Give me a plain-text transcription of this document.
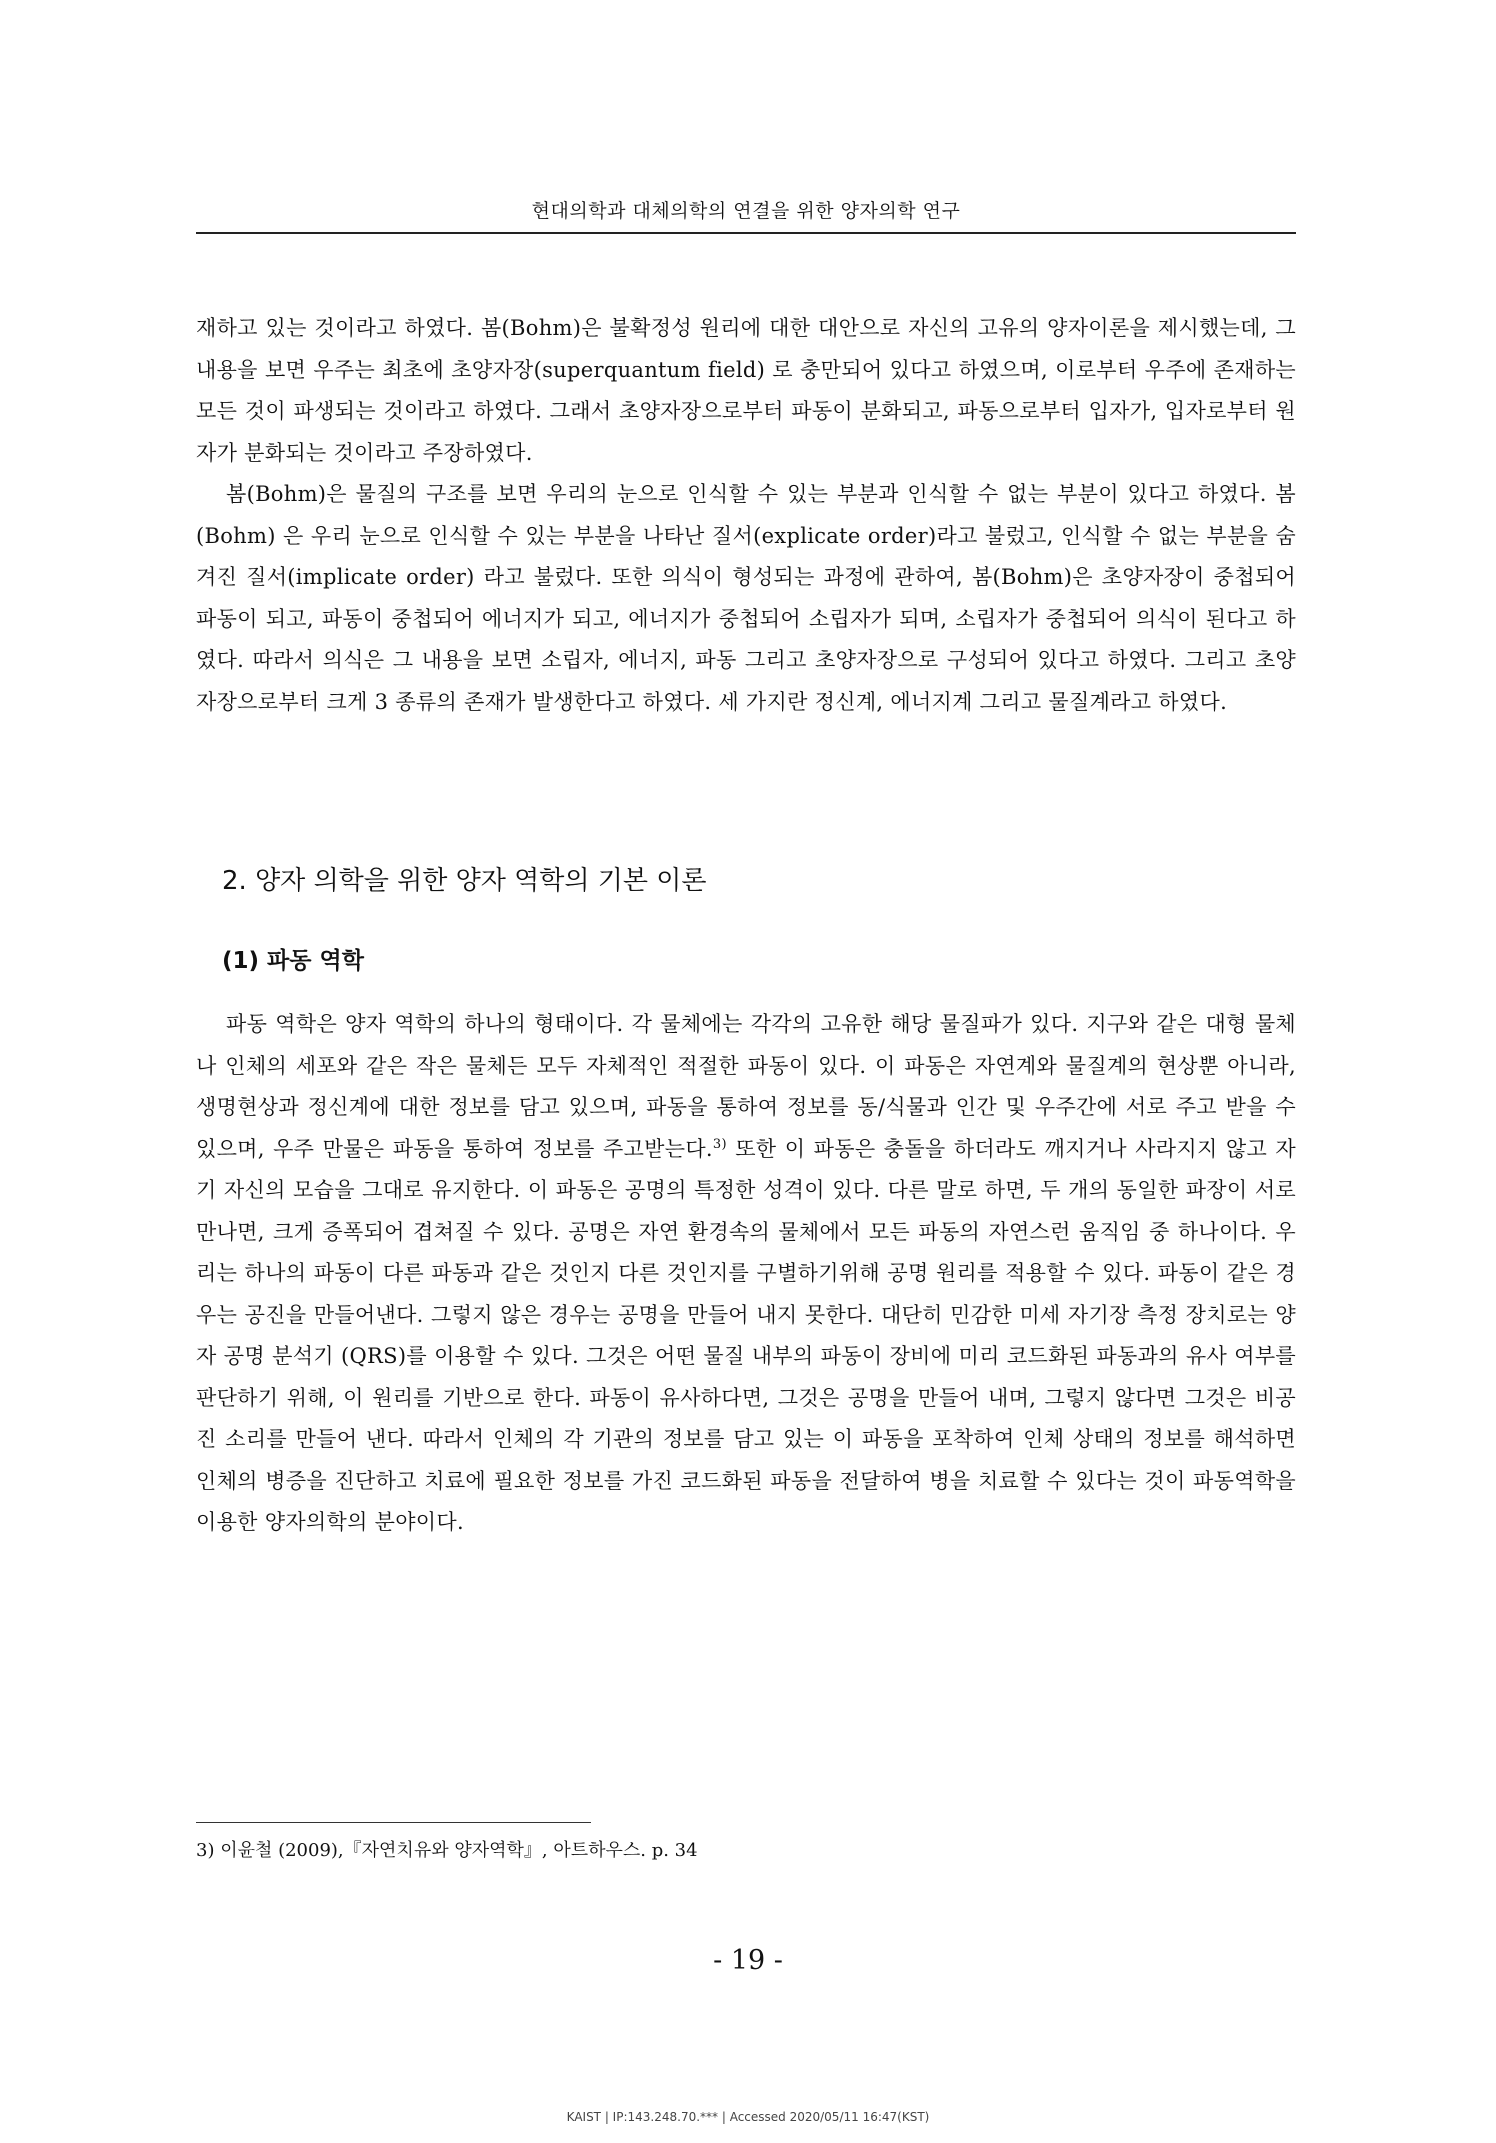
현대의학과 대체의학의 연결을 위한 양자의학 연구

재하고 있는 것이라고 하였다. 봄(Bohm)은 불확정성 원리에 대한 대안으로 자신의 고유의 양자이론을 제시했는데, 그 내용을 보면 우주는 최초에 초양자장(superquantum field) 로 충만되어 있다고 하였으며, 이로부터 우주에 존재하는 모든 것이 파생되는 것이라고 하였다. 그래서 초양자장으로부터 파동이 분화되고, 파동으로부터 입자가, 입자로부터 원자가 분화되는 것이라고 주장하였다.

봄(Bohm)은 물질의 구조를 보면 우리의 눈으로 인식할 수 있는 부분과 인식할 수 없는 부분이 있다고 하였다. 봄(Bohm) 은 우리 눈으로 인식할 수 있는 부분을 나타난 질서(explicate order)라고 불렀고, 인식할 수 없는 부분을 숨겨진 질서(implicate order) 라고 불렀다. 또한 의식이 형성되는 과정에 관하여, 봄(Bohm)은 초양자장이 중첩되어 파동이 되고, 파동이 중첩되어 에너지가 되고, 에너지가 중첩되어 소립자가 되며, 소립자가 중첩되어 의식이 된다고 하였다. 따라서 의식은 그 내용을 보면 소립자, 에너지, 파동 그리고 초양자장으로 구성되어 있다고 하였다. 그리고 초양자장으로부터 크게 3 종류의 존재가 발생한다고 하였다. 세 가지란 정신계, 에너지계 그리고 물질계라고 하였다.

2. 양자 의학을 위한 양자 역학의 기본 이론
(1) 파동 역학

파동 역학은 양자 역학의 하나의 형태이다. 각 물체에는 각각의 고유한 해당 물질파가 있다. 지구와 같은 대형 물체나 인체의 세포와 같은 작은 물체든 모두 자체적인 적절한 파동이 있다. 이 파동은 자연계와 물질계의 현상뿐 아니라, 생명현상과 정신계에 대한 정보를 담고 있으며, 파동을 통하여 정보를 동/식물과 인간 및 우주간에 서로 주고 받을 수 있으며, 우주 만물은 파동을 통하여 정보를 주고받는다.$^{3)}$ 또한 이 파동은 충돌을 하더라도 깨지거나 사라지지 않고 자기 자신의 모습을 그대로 유지한다. 이 파동은 공명의 특정한 성격이 있다. 다른 말로 하면, 두 개의 동일한 파장이 서로 만나면, 크게 증폭되어 겹쳐질 수 있다. 공명은 자연 환경속의 물체에서 모든 파동의 자연스런 움직임 중 하나이다. 우리는 하나의 파동이 다른 파동과 같은 것인지 다른 것인지를 구별하기위해 공명 원리를 적용할 수 있다. 파동이 같은 경우는 공진을 만들어낸다. 그렇지 않은 경우는 공명을 만들어 내지 못한다. 대단히 민감한 미세 자기장 측정 장치로는 양자 공명 분석기 (QRS)를 이용할 수 있다. 그것은 어떤 물질 내부의 파동이 장비에 미리 코드화된 파동과의 유사 여부를 판단하기 위해, 이 원리를 기반으로 한다. 파동이 유사하다면, 그것은 공명을 만들어 내며, 그렇지 않다면 그것은 비공진 소리를 만들어 낸다. 따라서 인체의 각 기관의 정보를 담고 있는 이 파동을 포착하여 인체 상태의 정보를 해석하면 인체의 병증을 진단하고 치료에 필요한 정보를 가진 코드화된 파동을 전달하여 병을 치료할 수 있다는 것이 파동역학을 이용한 양자의학의 분야이다.

3) 이윤철 (2009),『자연치유와 양자역학』, 아트하우스. p. 34
- 19 -
KAIST | IP:143.248.70.*** | Accessed 2020/05/11 16:47(KST)
